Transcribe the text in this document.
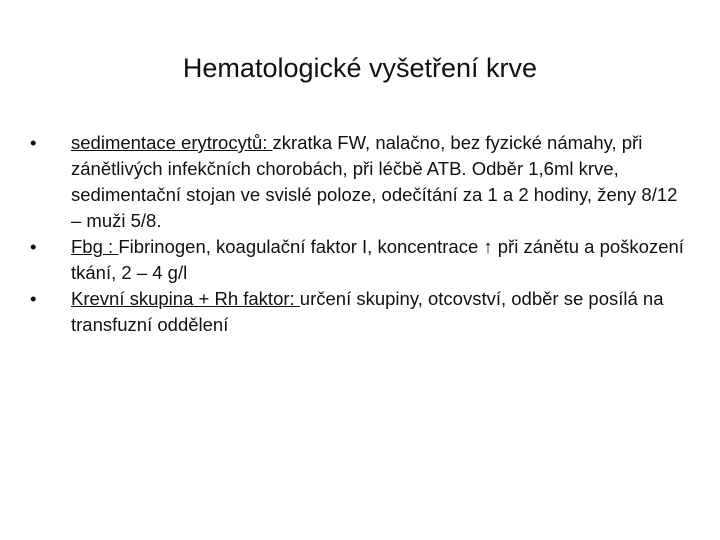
Hematologické vyšetření krve
•	sedimentace erytrocytů: zkratka FW, nalačno, bez fyzické námahy, při zánětlivých infekčních chorobách, při léčbě ATB. Odběr 1,6ml krve, sedimentační stojan ve svislé poloze, odečítání za 1 a 2 hodiny, ženy 8/12 – muži 5/8.
•	Fbg : Fibrinogen, koagulační faktor I, koncentrace ↑ při zánětu a poškození tkání, 2 – 4 g/l
•	Krevní skupina + Rh faktor: určení skupiny, otcovství, odběr se posílá na transfuzní oddělení
